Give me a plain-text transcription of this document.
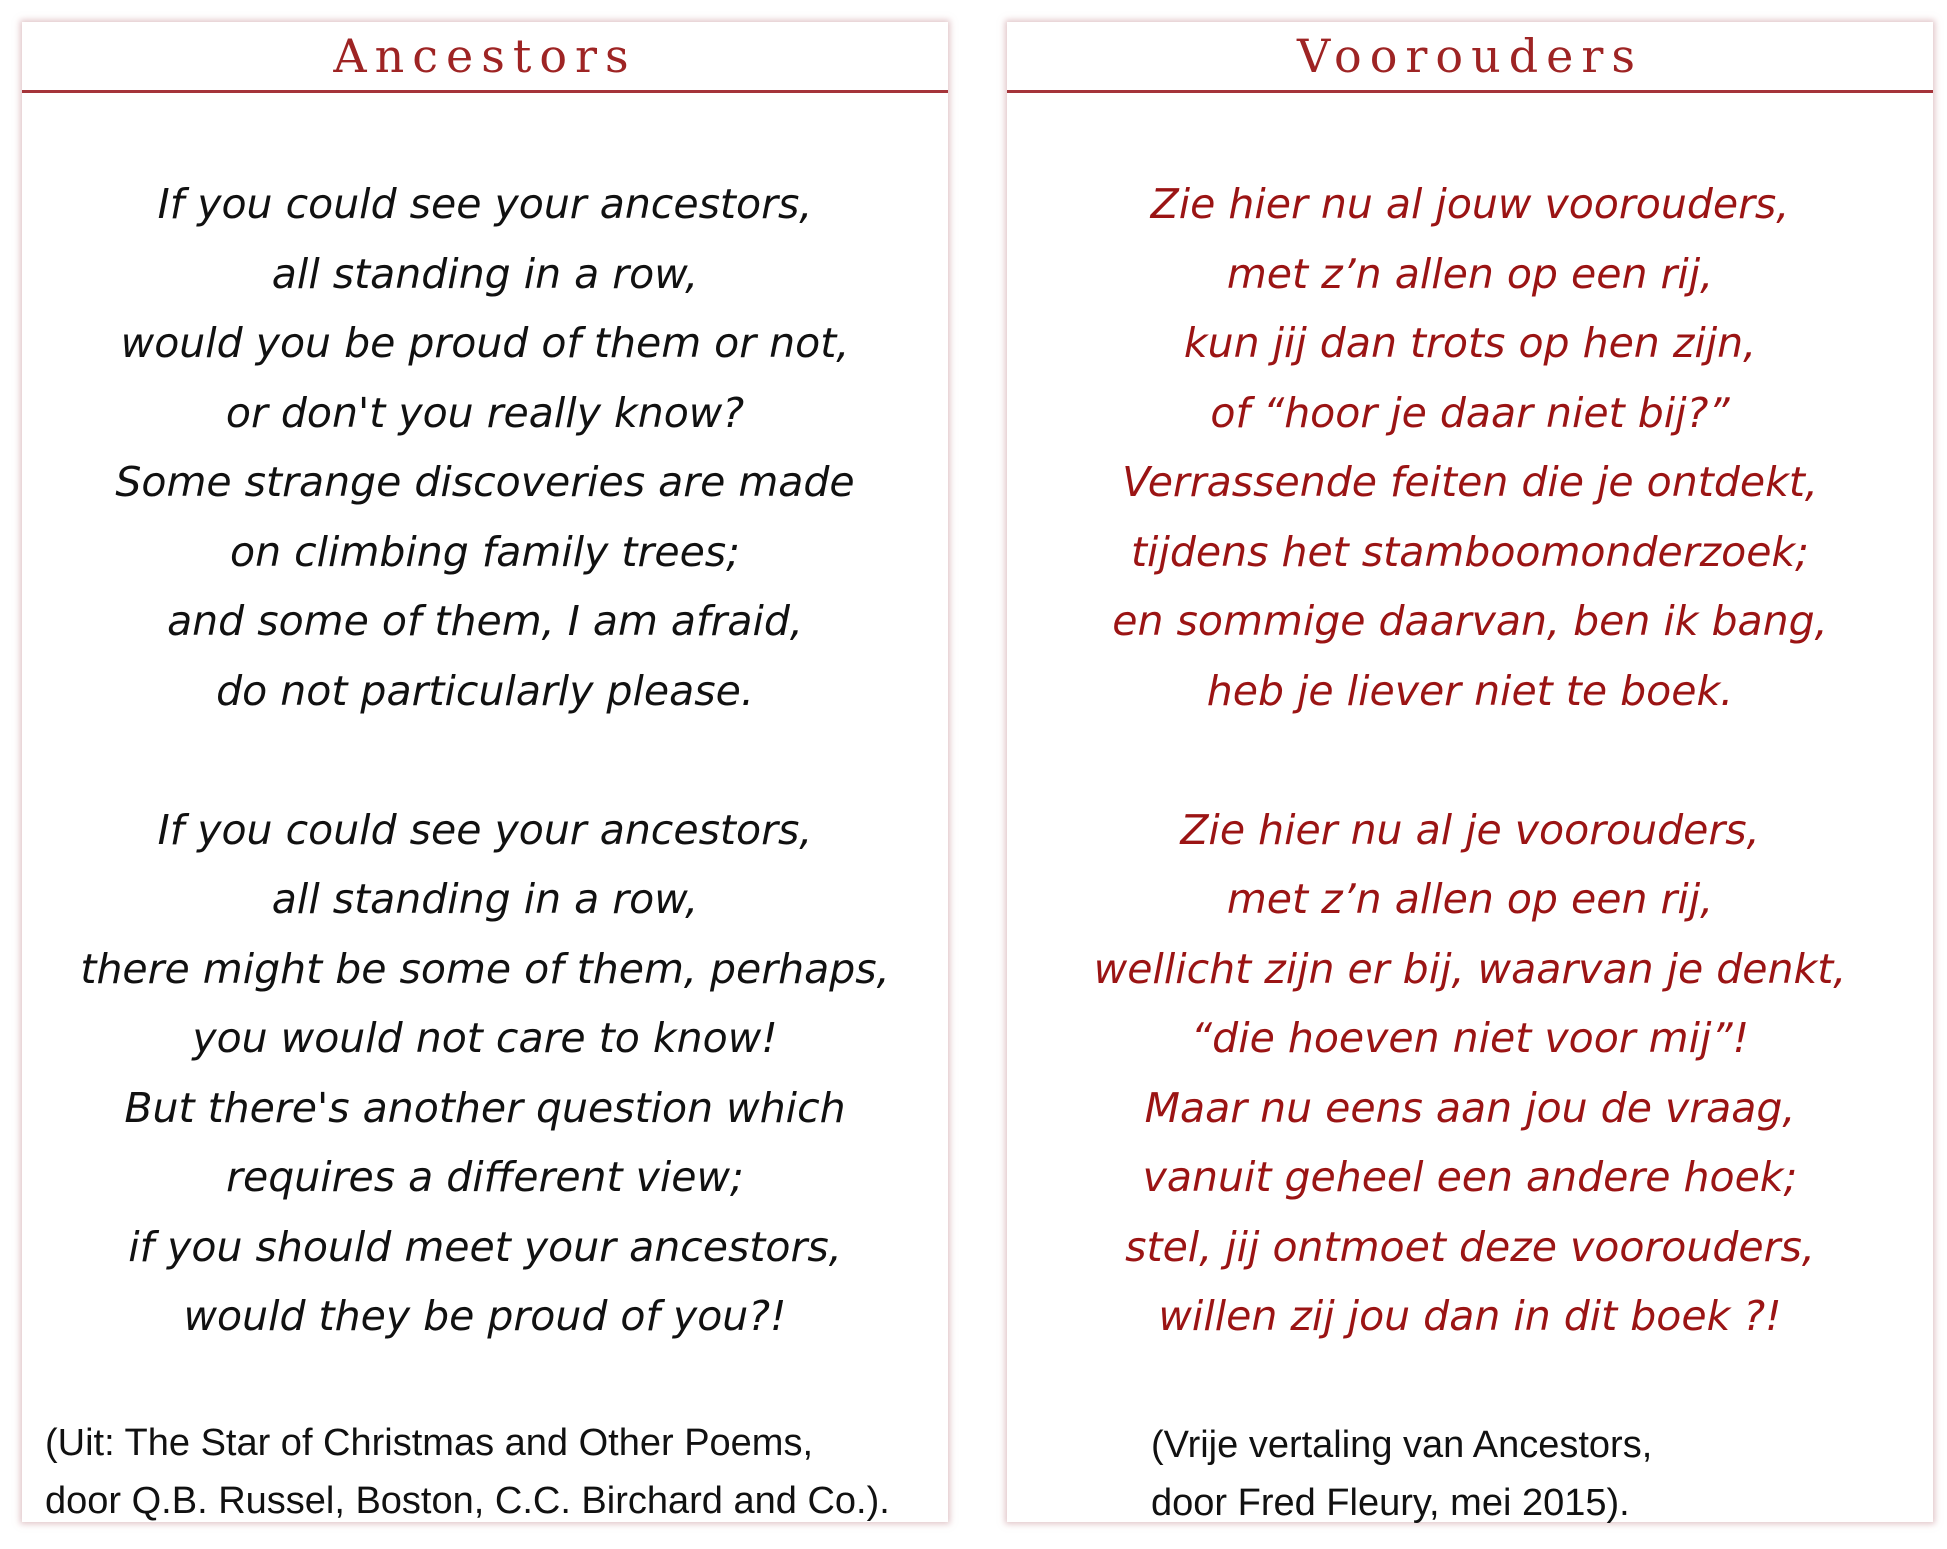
Ancestors

If you could see your ancestors,
all standing in a row,
would you be proud of them or not,
or don't you really know?
Some strange discoveries are made
on climbing family trees;
and some of them, I am afraid,
do not particularly please.

If you could see your ancestors,
all standing in a row,
there might be some of them, perhaps,
you would not care to know!
But there's another question which
requires a different view;
if you should meet your ancestors,
would they be proud of you?!

(Uit: The Star of Christmas and Other Poems,
door Q.B. Russel, Boston, C.C. Birchard and Co.).
Voorouders

Zie hier nu al jouw voorouders,
met z’n allen op een rij,
kun jij dan trots op hen zijn,
of “hoor je daar niet bij?”
Verrassende feiten die je ontdekt,
tijdens het stamboomonderzoek;
en sommige daarvan, ben ik bang,
heb je liever niet te boek.

Zie hier nu al je voorouders,
met z’n allen op een rij,
wellicht zijn er bij, waarvan je denkt,
“die hoeven niet voor mij”!
Maar nu eens aan jou de vraag,
vanuit geheel een andere hoek;
stel, jij ontmoet deze voorouders,
willen zij jou dan in dit boek ?!

(Vrije vertaling van Ancestors,
door Fred Fleury, mei 2015).
